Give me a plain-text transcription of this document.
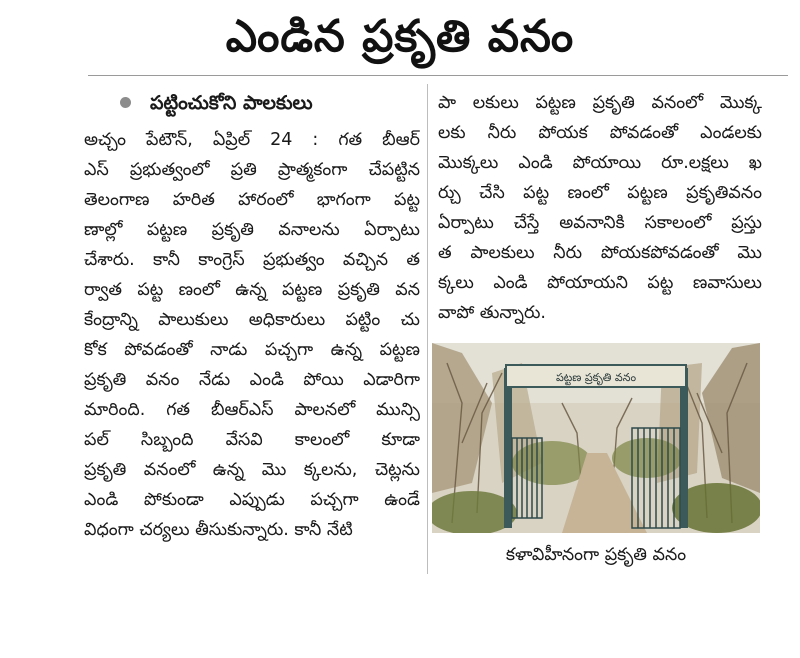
ఎండిన ప్రకృతి వనం
పట్టించుకోని పాలకులు
అచ్చం పేటౌన్, ఏప్రిల్ 24 : గత బీఆర్
ఎస్ ప్రభుత్వంలో ప్రతి ప్రాత్మకంగా చేపట్టిన
తెలంగాణ హరిత హారంలో భాగంగా పట్ట
ణాల్లో పట్టణ ప్రకృతి వనాలను ఏర్పాటు
చేశారు. కానీ కాంగ్రెస్ ప్రభుత్వం వచ్చిన త
ర్వాత పట్ట ణంలో ఉన్న పట్టణ ప్రకృతి వన
కేంద్రాన్ని పాలుకులు అధికారులు పట్టిం చు
కోక పోవడంతో నాడు పచ్చగా ఉన్న పట్టణ
ప్రకృతి వనం నేడు ఎండి పోయి ఎడారిగా
మారింది. గత బీఆర్ఎస్ పాలనలో మున్సి
పల్ సిబ్బంది వేసవి కాలంలో కూడా
ప్రకృతి వనంలో ఉన్న మొ క్కలను, చెట్లను
ఎండి పోకుండా ఎప్పుడు పచ్చగా ఉండే
విధంగా చర్యలు తీసుకున్నారు. కానీ నేటి
పా లకులు పట్టణ ప్రకృతి వనంలో మొక్క
లకు నీరు పోయక పోవడంతో ఎండలకు
మొక్కలు ఎండి పోయాయి రూ.లక్షలు ఖ
ర్చు చేసి పట్ట ణంలో పట్టణ ప్రకృతివనం
ఏర్పాటు చేస్తే అవనానికి సకాలంలో ప్రస్తు
త పాలకులు నీరు పోయకపోవడంతో మొ
క్కలు ఎండి పోయాయని పట్ట ణవాసులు
వాపో తున్నారు.
పట్టణ ప్రకృతి వనం
కళావిహీనంగా ప్రకృతి వనం
